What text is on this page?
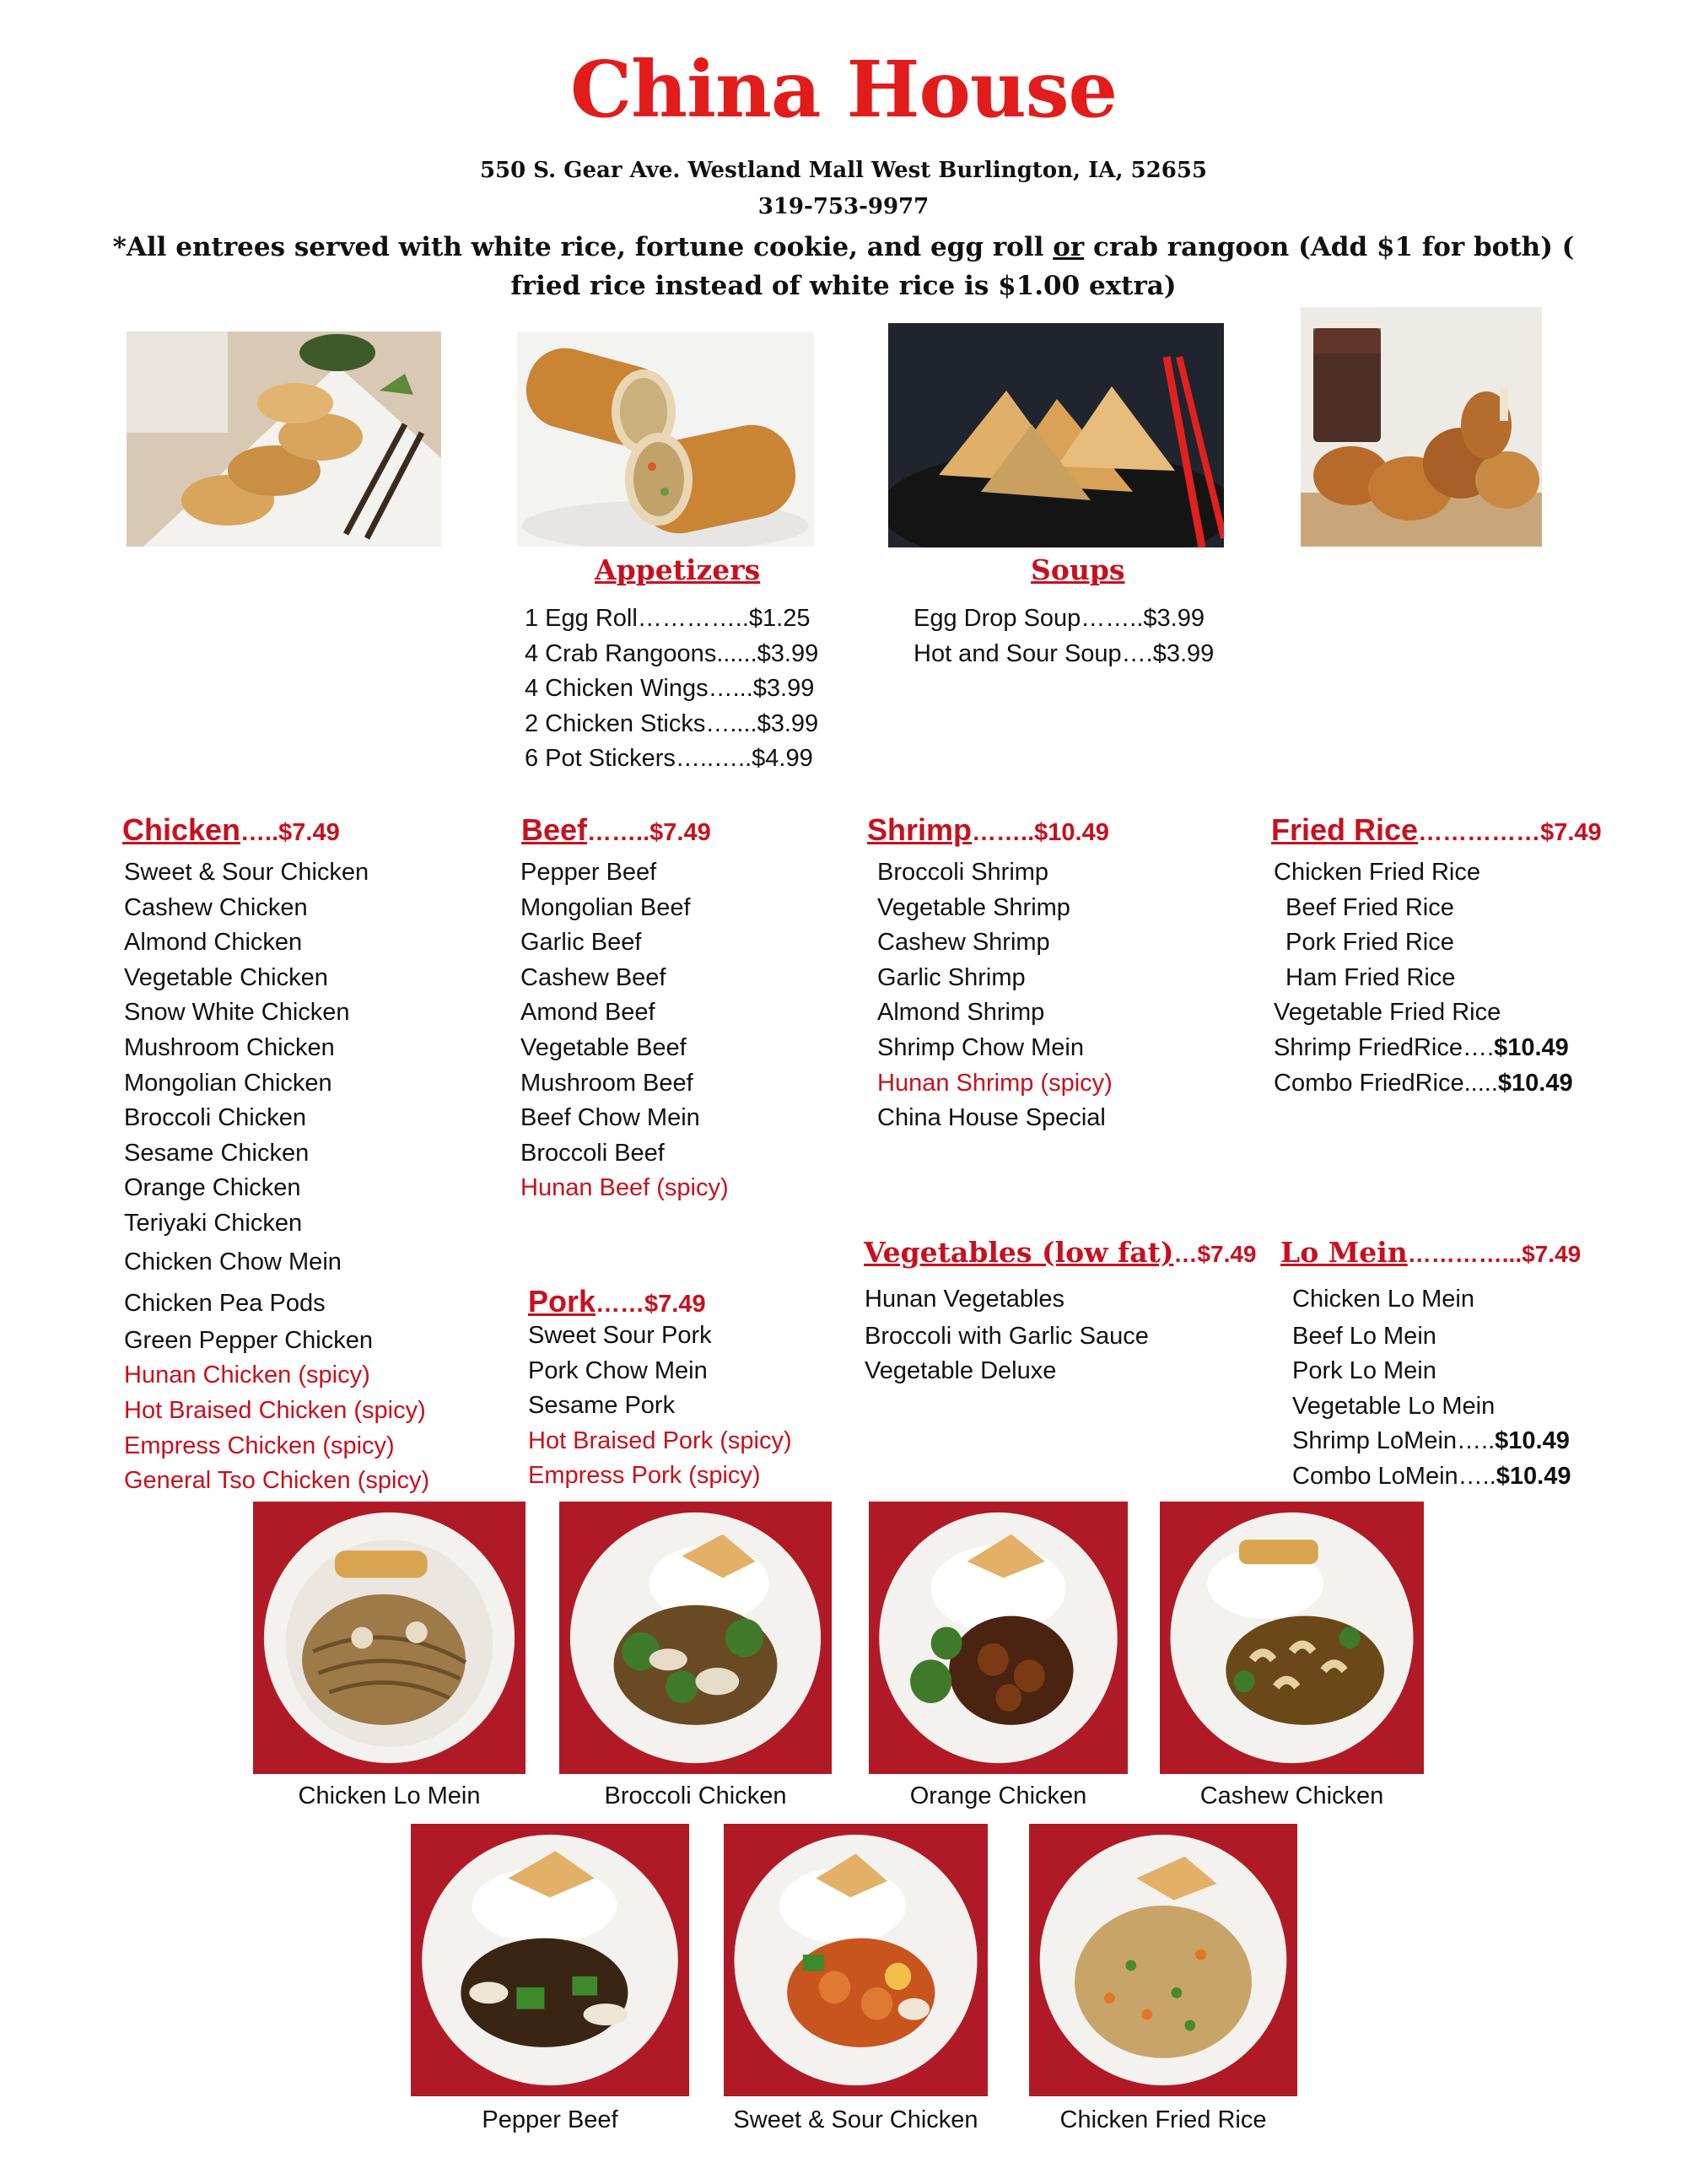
China House
550 S. Gear Ave. Westland Mall West Burlington, IA, 52655
319-753-9977
*All entrees served with white rice, fortune cookie, and egg roll or crab rangoon (Add $1 for both) ( fried rice instead of white rice is $1.00 extra)
Appetizers
1 Egg Roll…………..$1.25
4 Crab Rangoons......$3.99
4 Chicken Wings…...$3.99
2 Chicken Sticks…....$3.99
6 Pot Stickers…..…..$4.99
Soups
Egg Drop Soup……..$3.99
Hot and Sour Soup….$3.99
Chicken…..$7.49
Sweet & Sour Chicken
Cashew Chicken
Almond Chicken
Vegetable Chicken
Snow White Chicken
Mushroom Chicken
Mongolian Chicken
Broccoli Chicken
Sesame Chicken
Orange Chicken
Teriyaki Chicken
Chicken Chow Mein
Chicken Pea Pods
Green Pepper Chicken
Hunan Chicken (spicy)
Hot Braised Chicken (spicy)
Empress Chicken (spicy)
General Tso Chicken (spicy)
Beef……..$7.49
Pepper Beef
Mongolian Beef
Garlic Beef
Cashew Beef
Amond Beef
Vegetable Beef
Mushroom Beef
Beef Chow Mein
Broccoli Beef
Hunan Beef (spicy)
Pork……$7.49
Sweet Sour Pork
Pork Chow Mein
Sesame Pork
Hot Braised Pork (spicy)
Empress Pork (spicy)
Shrimp……..$10.49
Broccoli Shrimp
Vegetable Shrimp
Cashew Shrimp
Garlic Shrimp
Almond Shrimp
Shrimp Chow Mein
Hunan Shrimp (spicy)
China House Special
Fried Rice……………$7.49
Chicken Fried Rice
Beef Fried Rice
Pork Fried Rice
Ham Fried Rice
Vegetable Fried Rice
Shrimp FriedRice….$10.49
Combo FriedRice.....$10.49
Vegetables (low fat)…$7.49
Hunan Vegetables
Broccoli with Garlic Sauce
Vegetable Deluxe
Lo Mein…………...$7.49
Chicken Lo Mein
Beef Lo Mein
Pork Lo Mein
Vegetable Lo Mein
Shrimp LoMein…..$10.49
Combo LoMein…..$10.49
Chicken Lo Mein	Broccoli Chicken	Orange Chicken	Cashew Chicken
Pepper Beef	Sweet & Sour Chicken	Chicken Fried Rice
